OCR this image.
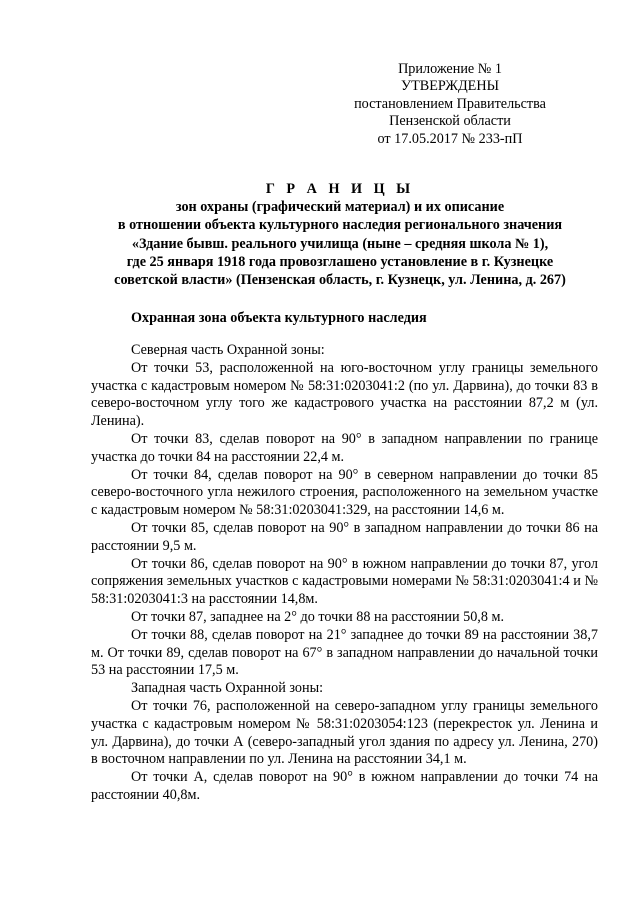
Приложение № 1
УТВЕРЖДЕНЫ
постановлением Правительства
Пензенской области
от 17.05.2017 № 233-пП
Г Р А Н И Ц Ы
зон охраны (графический материал) и их описание
в отношении объекта культурного наследия регионального значения
«Здание бывш. реального училища (ныне – средняя школа № 1),
где 25 января 1918 года провозглашено установление в г. Кузнецке
советской власти» (Пензенская область, г. Кузнецк, ул. Ленина, д. 267)
Охранная зона объекта культурного наследия

Северная часть Охранной зоны:

От точки 53, расположенной на юго-восточном углу границы земельного участка с кадастровым номером № 58:31:0203041:2 (по ул. Дарвина), до точки 83 в северо-восточном углу того же кадастрового участка на расстоянии 87,2 м (ул. Ленина).

От точки 83, сделав поворот на 90° в западном направлении по границе участка до точки 84 на расстоянии 22,4 м.

От точки 84, сделав поворот на 90° в северном направлении до точки 85 северо-восточного угла нежилого строения, расположенного на земельном участке с кадастровым номером № 58:31:0203041:329, на расстоянии 14,6 м.

От точки 85, сделав поворот на 90° в западном направлении до точки 86 на расстоянии 9,5 м.

От точки 86, сделав поворот на 90° в южном направлении до точки 87, угол сопряжения земельных участков с кадастровыми номерами № 58:31:0203041:4 и № 58:31:0203041:3 на расстоянии 14,8м.

От точки 87, западнее на 2° до точки 88 на расстоянии 50,8 м.

От точки 88, сделав поворот на 21° западнее до точки 89 на расстоянии 38,7 м. От точки 89, сделав поворот на 67° в западном направлении до начальной точки 53 на расстоянии 17,5 м.

Западная часть Охранной зоны:

От точки 76, расположенной на северо-западном углу границы земельного участка с кадастровым номером № 58:31:0203054:123 (перекресток ул. Ленина и ул. Дарвина), до точки А (северо-западный угол здания по адресу ул. Ленина, 270) в восточном направлении по ул. Ленина на расстоянии 34,1 м.

От точки А, сделав поворот на 90° в южном направлении до точки 74 на расстоянии 40,8м.
